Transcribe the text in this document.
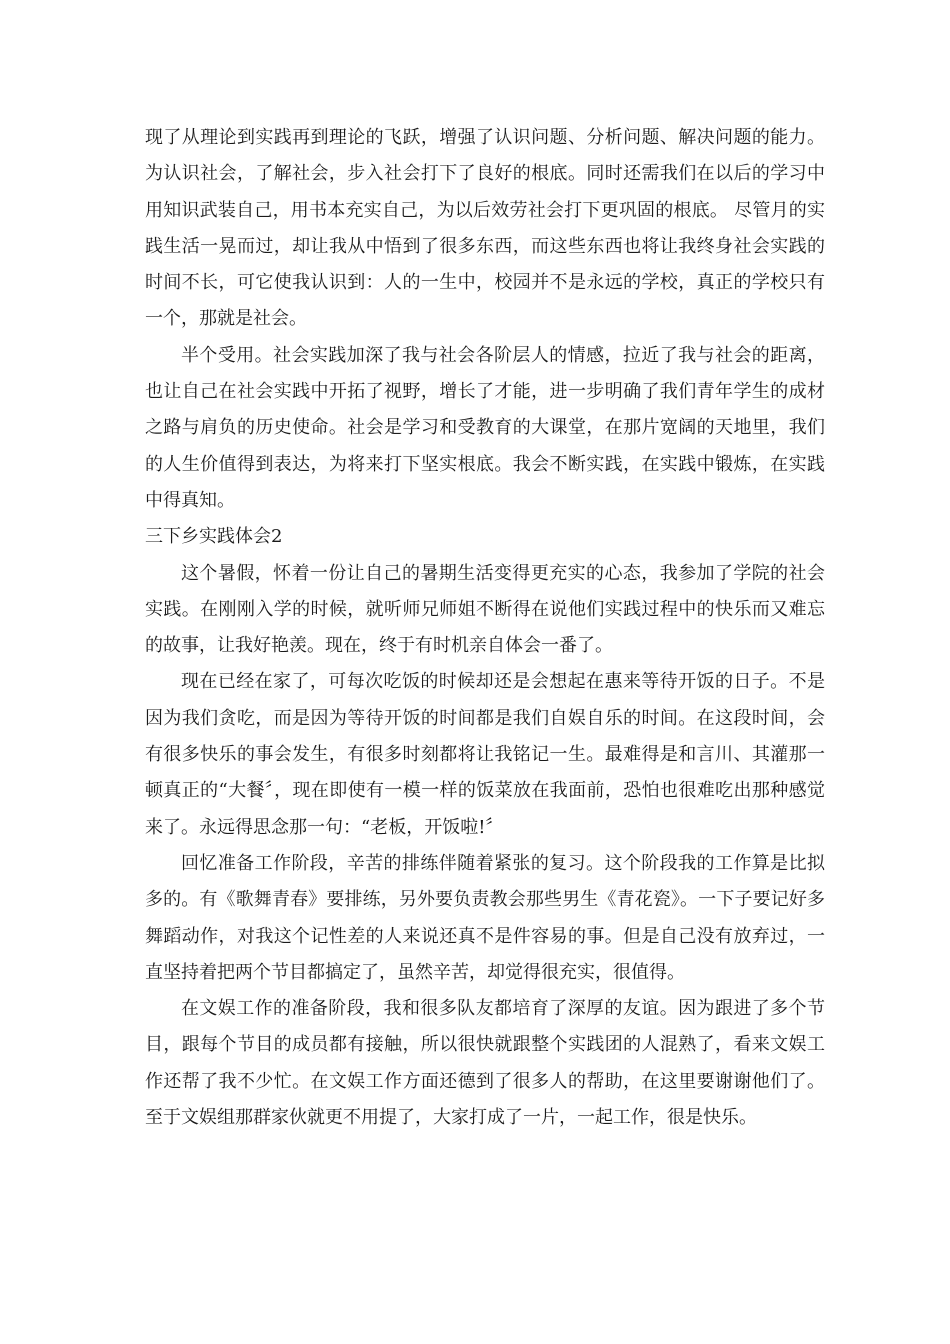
现了从理论到实践再到理论的飞跃，增强了认识问题、分析问题、解决问题的能力。为认识社会，了解社会，步入社会打下了良好的根底。同时还需我们在以后的学习中用知识武装自己，用书本充实自己，为以后效劳社会打下更巩固的根底。 尽管月的实践生活一晃而过，却让我从中悟到了很多东西，而这些东西也将让我终身社会实践的时间不长，可它使我认识到：人的一生中，校园并不是永远的学校，真正的学校只有一个，那就是社会。

半个受用。社会实践加深了我与社会各阶层人的情感，拉近了我与社会的距离，也让自己在社会实践中开拓了视野，增长了才能，进一步明确了我们青年学生的成材之路与肩负的历史使命。社会是学习和受教育的大课堂，在那片宽阔的天地里，我们的人生价值得到表达，为将来打下坚实根底。我会不断实践，在实践中锻炼，在实践中得真知。

三下乡实践体会2

这个暑假，怀着一份让自己的暑期生活变得更充实的心态，我参加了学院的社会实践。在刚刚入学的时候，就听师兄师姐不断得在说他们实践过程中的快乐而又难忘的故事，让我好艳羡。现在，终于有时机亲自体会一番了。

现在已经在家了，可每次吃饭的时候却还是会想起在惠来等待开饭的日子。不是因为我们贪吃，而是因为等待开饭的时间都是我们自娱自乐的时间。在这段时间，会有很多快乐的事会发生，有很多时刻都将让我铭记一生。最难得是和言川、其灌那一顿真正的“大餐〞，现在即使有一模一样的饭菜放在我面前，恐怕也很难吃出那种感觉来了。永远得思念那一句：“老板，开饭啦!〞

回忆准备工作阶段，辛苦的排练伴随着紧张的复习。这个阶段我的工作算是比拟多的。有《歌舞青春》要排练，另外要负责教会那些男生《青花瓷》。一下子要记好多舞蹈动作，对我这个记性差的人来说还真不是件容易的事。但是自己没有放弃过，一直坚持着把两个节目都搞定了，虽然辛苦，却觉得很充实，很值得。

在文娱工作的准备阶段，我和很多队友都培育了深厚的友谊。因为跟进了多个节目，跟每个节目的成员都有接触，所以很快就跟整个实践团的人混熟了，看来文娱工作还帮了我不少忙。在文娱工作方面还德到了很多人的帮助，在这里要谢谢他们了。至于文娱组那群家伙就更不用提了，大家打成了一片，一起工作，很是快乐。
